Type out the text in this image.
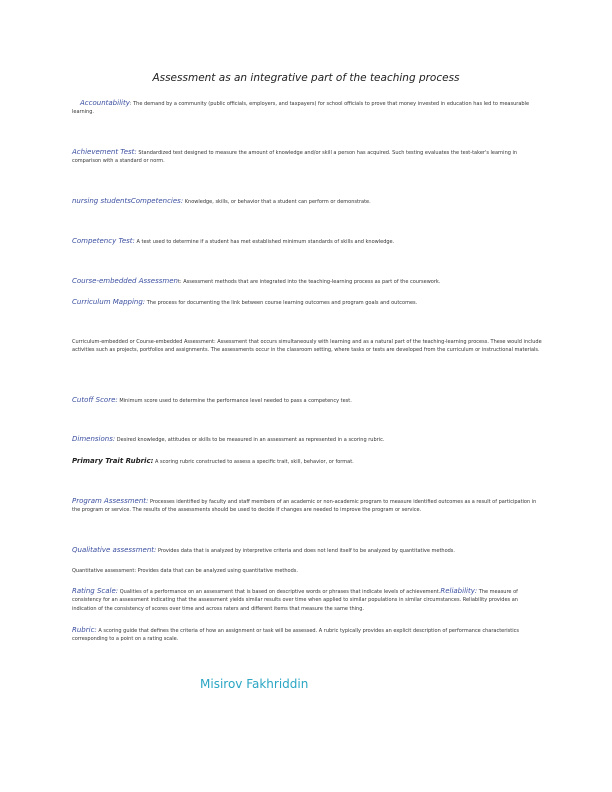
Assessment as an integrative part of the teaching process
Accountability: The demand by a community (public officials, employers, and taxpayers) for school officials to prove that money invested in education has led to measurable learning.
Achievement Test: Standardized test designed to measure the amount of knowledge and/or skill a person has acquired. Such testing evaluates the test-taker's learning in comparison with a standard or norm.
nursing studentsCompetencies: Knowledge, skills, or behavior that a student can perform or demonstrate.
Competency Test: A test used to determine if a student has met established minimum standards of skills and knowledge.
Course-embedded Assessment: Assessment methods that are integrated into the teaching-learning process as part of the coursework.
Curriculum Mapping: The process for documenting the link between course learning outcomes and program goals and outcomes.
Curriculum-embedded or Course-embedded Assessment: Assessment that occurs simultaneously with learning and as a natural part of the teaching-learning process. These would include activities such as projects, portfolios and assignments. The assessments occur in the classroom setting, where tasks or tests are developed from the curriculum or instructional materials.
Cutoff Score: Minimum score used to determine the performance level needed to pass a competency test.
Dimensions: Desired knowledge, attitudes or skills to be measured in an assessment as represented in a scoring rubric.
Primary Trait Rubric: A scoring rubric constructed to assess a specific trait, skill, behavior, or format.
Program Assessment: Processes identified by faculty and staff members of an academic or non-academic program to measure identified outcomes as a result of participation in the program or service. The results of the assessments should be used to decide if changes are needed to improve the program or service.
Qualitative assessment: Provides data that is analyzed by interpretive criteria and does not lend itself to be analyzed by quantitative methods.
Quantitative assessment: Provides data that can be analyzed using quantitative methods.
Rating Scale: Qualities of a performance on an assessment that is based on descriptive words or phrases that indicate levels of achievement.Reliability: The measure of consistency for an assessment indicating that the assessment yields similar results over time when applied to similar populations in similar circumstances. Reliability provides an indication of the consistency of scores over time and across raters and different items that measure the same thing.
Rubric: A scoring guide that defines the criteria of how an assignment or task will be assessed. A rubric typically provides an explicit description of performance characteristics corresponding to a point on a rating scale.
Misirov Fakhriddin
